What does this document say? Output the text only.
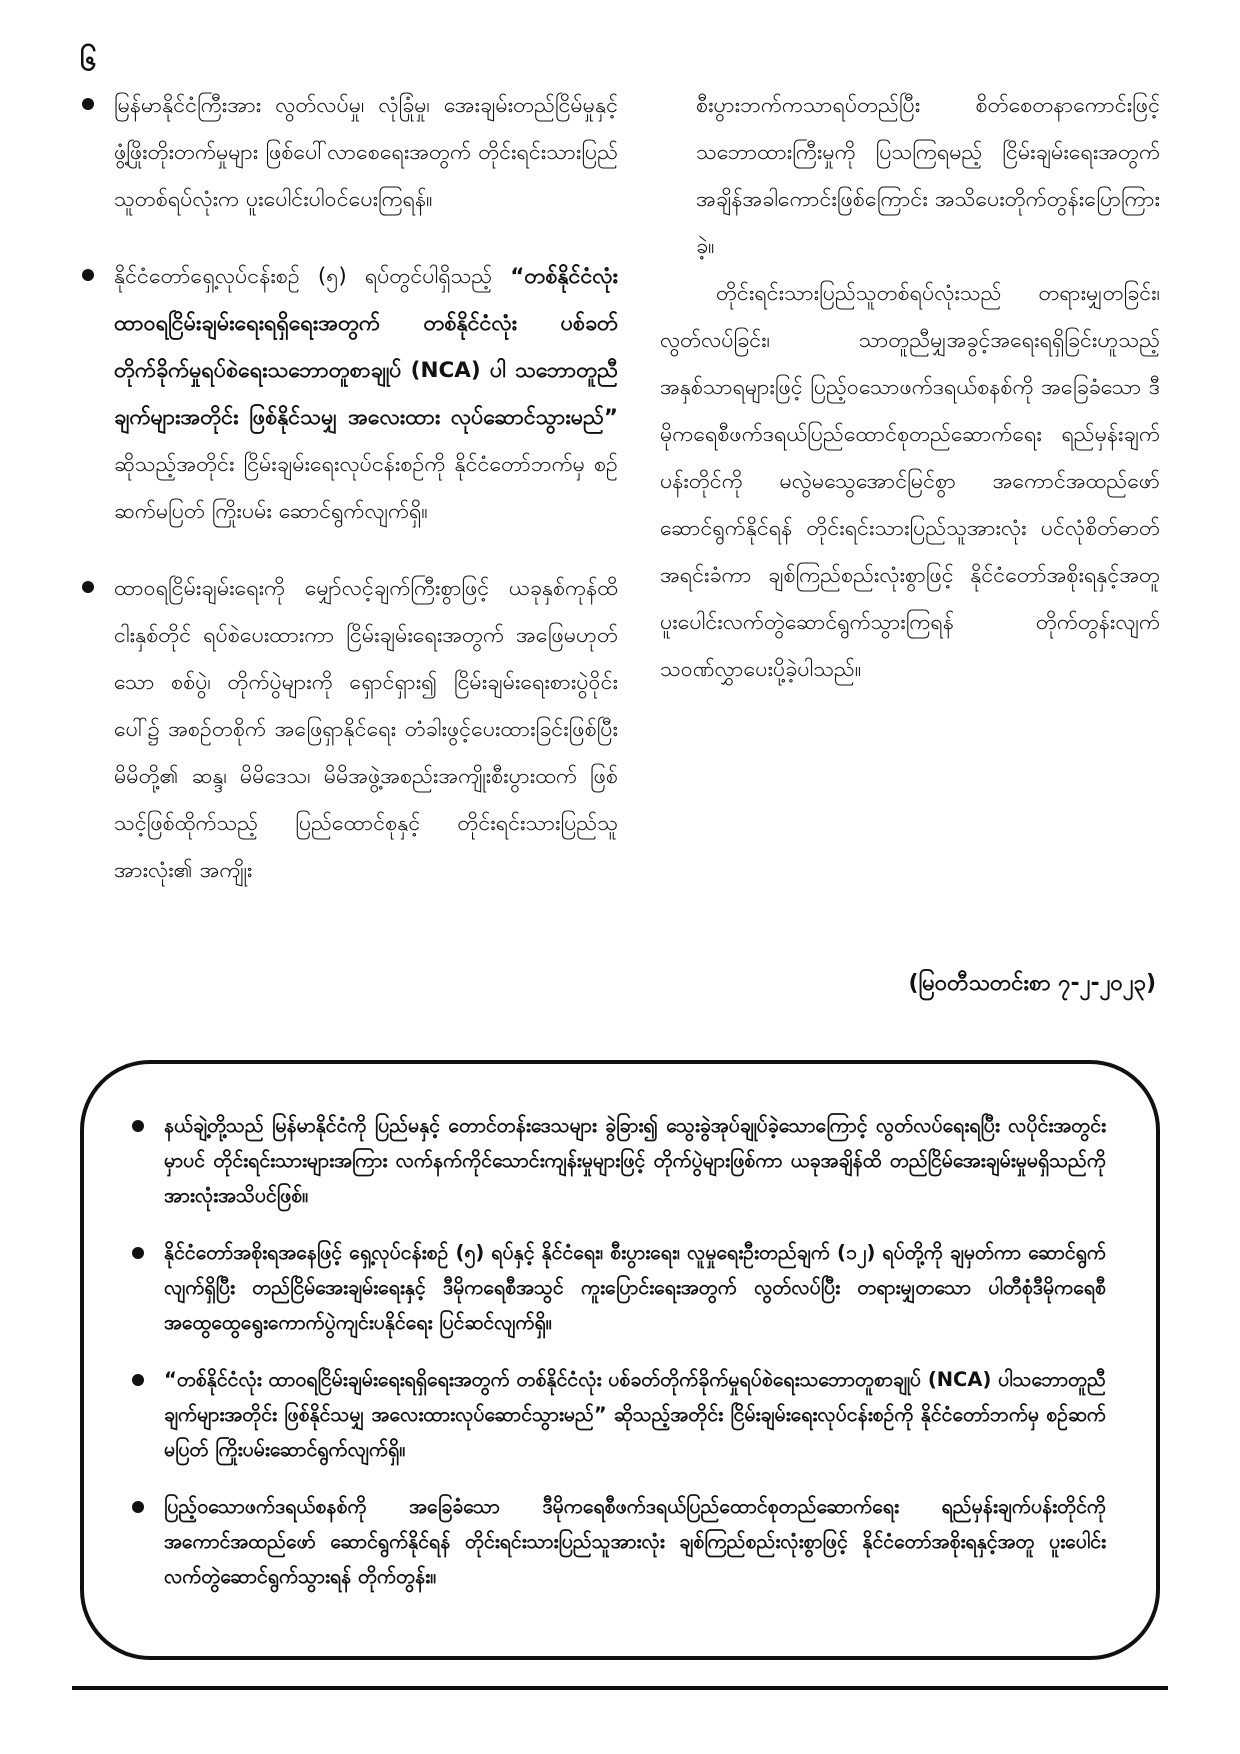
၆
မြန်မာနိုင်ငံကြီးအား လွတ်လပ်မှု၊ လုံခြုံမှု၊ အေးချမ်းတည်ငြိမ်မှုနှင့် ဖွံ့ဖြိုးတိုးတက်မှုများ ဖြစ်ပေါ်လာစေရေးအတွက် တိုင်းရင်းသားပြည်သူတစ်ရပ်လုံးက ပူးပေါင်းပါဝင်ပေးကြရန်။
နိုင်ငံတော်ရှေ့လုပ်ငန်းစဉ် (၅) ရပ်တွင်ပါရှိသည့် “တစ်နိုင်ငံလုံး ထာဝရငြိမ်းချမ်းရေးရရှိရေးအတွက် တစ်နိုင်ငံလုံး ပစ်ခတ်တိုက်ခိုက်မှုရပ်စဲရေးသဘောတူစာချုပ် (NCA) ပါ သဘောတူညီချက်များအတိုင်း ဖြစ်နိုင်သမျှ အလေးထား လုပ်ဆောင်သွားမည်” ဆိုသည့်အတိုင်း ငြိမ်းချမ်းရေးလုပ်ငန်းစဉ်ကို နိုင်ငံတော်ဘက်မှ စဉ်ဆက်မပြတ် ကြိုးပမ်း ဆောင်ရွက်လျက်ရှိ။
ထာဝရငြိမ်းချမ်းရေးကို မျှော်လင့်ချက်ကြီးစွာဖြင့် ယခုနှစ်ကုန်ထိ ငါးနှစ်တိုင် ရပ်စဲပေးထားကာ ငြိမ်းချမ်းရေးအတွက် အဖြေမဟုတ်သော စစ်ပွဲ၊ တိုက်ပွဲများကို ရှောင်ရှား၍ ငြိမ်းချမ်းရေးစားပွဲဝိုင်းပေါ်၌ အစဉ်တစိုက် အဖြေရှာနိုင်ရေး တံခါးဖွင့်ပေးထားခြင်းဖြစ်ပြီး မိမိတို့၏ ဆန္ဒ၊ မိမိဒေသ၊ မိမိအဖွဲ့အစည်းအကျိုးစီးပွားထက် ဖြစ်သင့်ဖြစ်ထိုက်သည့် ပြည်ထောင်စုနှင့် တိုင်းရင်းသားပြည်သူအားလုံး၏ အကျိုး

စီးပွားဘက်ကသာရပ်တည်ပြီး စိတ်စေတနာကောင်းဖြင့် သဘောထားကြီးမှုကို ပြသကြရမည့် ငြိမ်းချမ်းရေးအတွက် အချိန်အခါကောင်းဖြစ်ကြောင်း အသိပေးတိုက်တွန်းပြောကြားခဲ့။

တိုင်းရင်းသားပြည်သူတစ်ရပ်လုံးသည် တရားမျှတခြင်း၊ လွတ်လပ်ခြင်း၊ သာတူညီမျှအခွင့်အရေးရရှိခြင်းဟူသည့် အနှစ်သာရများဖြင့် ပြည့်ဝသောဖက်ဒရယ်စနစ်ကို အခြေခံသော ဒီမိုကရေစီဖက်ဒရယ်ပြည်ထောင်စုတည်ဆောက်ရေး ရည်မှန်းချက်ပန်းတိုင်ကို မလွဲမသွေအောင်မြင်စွာ အကောင်အထည်ဖော် ဆောင်ရွက်နိုင်ရန် တိုင်းရင်းသားပြည်သူအားလုံး ပင်လုံစိတ်ဓာတ်အရင်းခံကာ ချစ်ကြည်စည်းလုံးစွာဖြင့် နိုင်ငံတော်အစိုးရနှင့်အတူ ပူးပေါင်းလက်တွဲဆောင်ရွက်သွားကြရန် တိုက်တွန်းလျက် သဝဏ်လွှာပေးပို့ခဲ့ပါသည်။

(မြဝတီသတင်းစာ ၇-၂-၂၀၂၃)
နယ်ချဲ့တို့သည် မြန်မာနိုင်ငံကို ပြည်မနှင့် တောင်တန်းဒေသများ ခွဲခြား၍ သွေးခွဲအုပ်ချုပ်ခဲ့သောကြောင့် လွတ်လပ်ရေးရပြီး လပိုင်းအတွင်းမှာပင် တိုင်းရင်းသားများအကြား လက်နက်ကိုင်သောင်းကျန်းမှုများဖြင့် တိုက်ပွဲများဖြစ်ကာ ယခုအချိန်ထိ တည်ငြိမ်အေးချမ်းမှုမရှိသည်ကို အားလုံးအသိပင်ဖြစ်။
နိုင်ငံတော်အစိုးရအနေဖြင့် ရှေ့လုပ်ငန်းစဉ် (၅) ရပ်နှင့် နိုင်ငံရေး၊ စီးပွားရေး၊ လူမှုရေးဦးတည်ချက် (၁၂) ရပ်တို့ကို ချမှတ်ကာ ဆောင်ရွက်လျက်ရှိပြီး တည်ငြိမ်အေးချမ်းရေးနှင့် ဒီမိုကရေစီအသွင် ကူးပြောင်းရေးအတွက် လွတ်လပ်ပြီး တရားမျှတသော ပါတီစုံဒီမိုကရေစီအထွေထွေရွေးကောက်ပွဲကျင်းပနိုင်ရေး ပြင်ဆင်လျက်ရှိ။
“တစ်နိုင်ငံလုံး ထာဝရငြိမ်းချမ်းရေးရရှိရေးအတွက် တစ်နိုင်ငံလုံး ပစ်ခတ်တိုက်ခိုက်မှုရပ်စဲရေးသဘောတူစာချုပ် (NCA) ပါသဘောတူညီချက်များအတိုင်း ဖြစ်နိုင်သမျှ အလေးထားလုပ်ဆောင်သွားမည်” ဆိုသည့်အတိုင်း ငြိမ်းချမ်းရေးလုပ်ငန်းစဉ်ကို နိုင်ငံတော်ဘက်မှ စဉ်ဆက်မပြတ် ကြိုးပမ်းဆောင်ရွက်လျက်ရှိ။
ပြည့်ဝသောဖက်ဒရယ်စနစ်ကို အခြေခံသော ဒီမိုကရေစီဖက်ဒရယ်ပြည်ထောင်စုတည်ဆောက်ရေး ရည်မှန်းချက်ပန်းတိုင်ကို အကောင်အထည်ဖော် ဆောင်ရွက်နိုင်ရန် တိုင်းရင်းသားပြည်သူအားလုံး ချစ်ကြည်စည်းလုံးစွာဖြင့် နိုင်ငံတော်အစိုးရနှင့်အတူ ပူးပေါင်းလက်တွဲဆောင်ရွက်သွားရန် တိုက်တွန်း။
